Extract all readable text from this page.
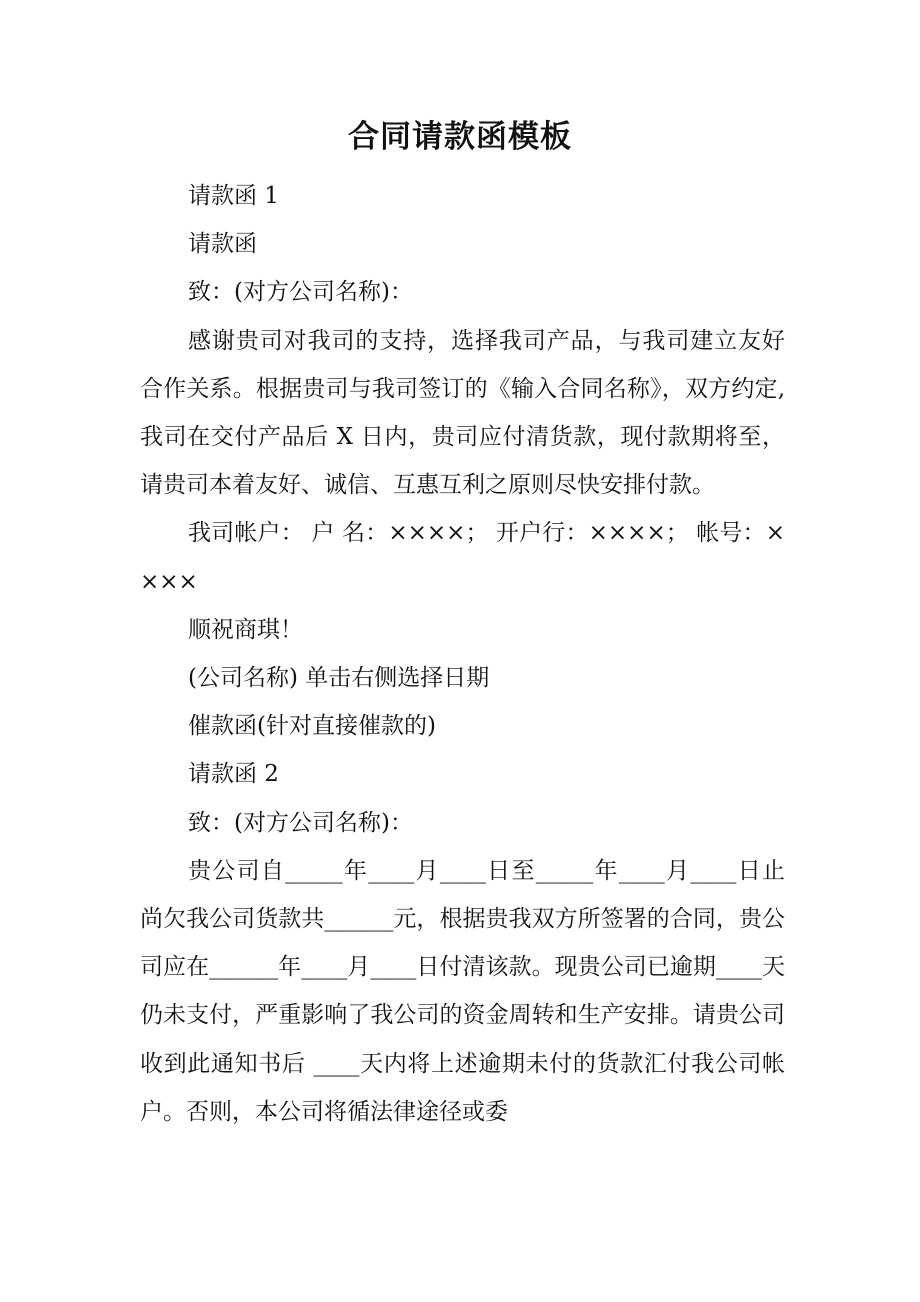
合同请款函模板

请款函 1

请款函

致：(对方公司名称)：

感谢贵司对我司的支持，选择我司产品，与我司建立友好合作关系。根据贵司与我司签订的《输入合同名称》，双方约定,我司在交付产品后 X 日内，贵司应付清货款，现付款期将至，请贵司本着友好、诚信、互惠互利之原则尽快安排付款。

我司帐户： 户 名：××××； 开户行：××××； 帐号：××××

顺祝商琪！

(公司名称) 单击右侧选择日期

催款函(针对直接催款的)

请款函 2

致：(对方公司名称)：

贵公司自_____年____月____日至_____年____月____日止尚欠我公司货款共______元，根据贵我双方所签署的合同，贵公司应在______年____月____日付清该款。现贵公司已逾期____天仍未支付，严重影响了我公司的资金周转和生产安排。请贵公司收到此通知书后 ____天内将上述逾期未付的货款汇付我公司帐户。否则，本公司将循法律途径或委
